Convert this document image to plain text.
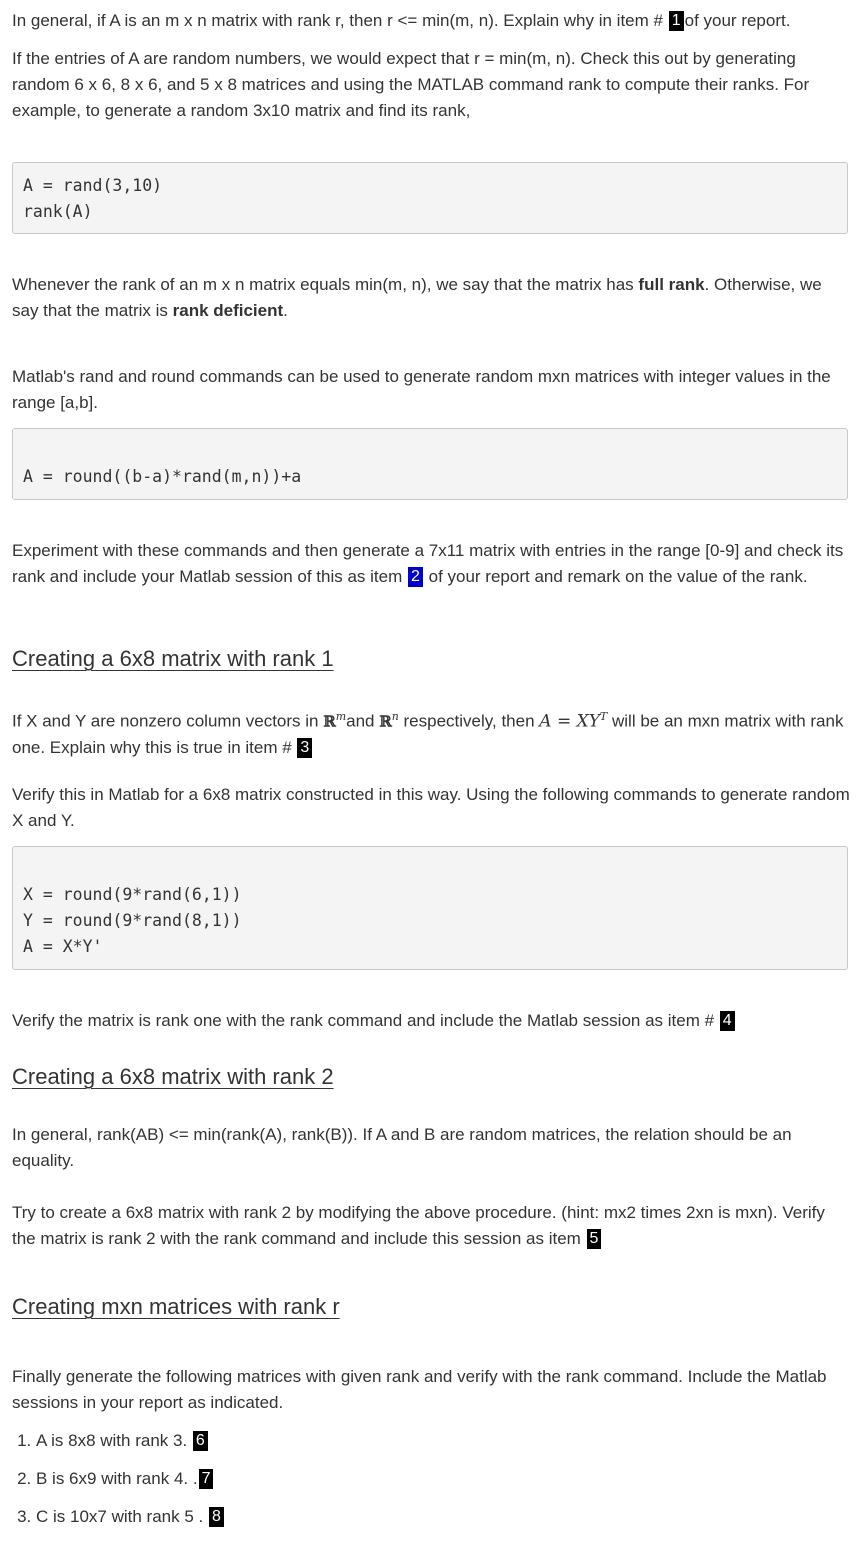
In general, if A is an m x n matrix with rank r, then r <= min(m, n). Explain why in item # 1 of your report.

If the entries of A are random numbers, we would expect that r = min(m, n). Check this out by generating random 6 x 6, 8 x 6, and 5 x 8 matrices and using the MATLAB command rank to compute their ranks. For example, to generate a random 3x10 matrix and find its rank,

A = rand(3,10)
rank(A)

Whenever the rank of an m x n matrix equals min(m, n), we say that the matrix has full rank. Otherwise, we say that the matrix is rank deficient.

Matlab's rand and round commands can be used to generate random mxn matrices with integer values in the range [a,b].

A = round((b-a)*rand(m,n))+a

Experiment with these commands and then generate a 7x11 matrix with entries in the range [0-9] and check its rank and include your Matlab session of this as item 2 of your report and remark on the value of the rank.

Creating a 6x8 matrix with rank 1

If X and Y are nonzero column vectors in ℝ$^m$and ℝ$^n$ respectively, then $A = XY^T$ will be an mxn matrix with rank one. Explain why this is true in item # 3

Verify this in Matlab for a 6x8 matrix constructed in this way. Using the following commands to generate random X and Y.

X = round(9*rand(6,1))
Y = round(9*rand(8,1))
A = X*Y'

Verify the matrix is rank one with the rank command and include the Matlab session as item # 4

Creating a 6x8 matrix with rank 2

In general, rank(AB) <= min(rank(A), rank(B)). If A and B are random matrices, the relation should be an equality.

Try to create a 6x8 matrix with rank 2 by modifying the above procedure. (hint: mx2 times 2xn is mxn). Verify the matrix is rank 2 with the rank command and include this session as item 5

Creating mxn matrices with rank r

Finally generate the following matrices with given rank and verify with the rank command. Include the Matlab sessions in your report as indicated.

1. A is 8x8 with rank 3. 6
2. B is 6x9 with rank 4. . 7
3. C is 10x7 with rank 5 . 8
